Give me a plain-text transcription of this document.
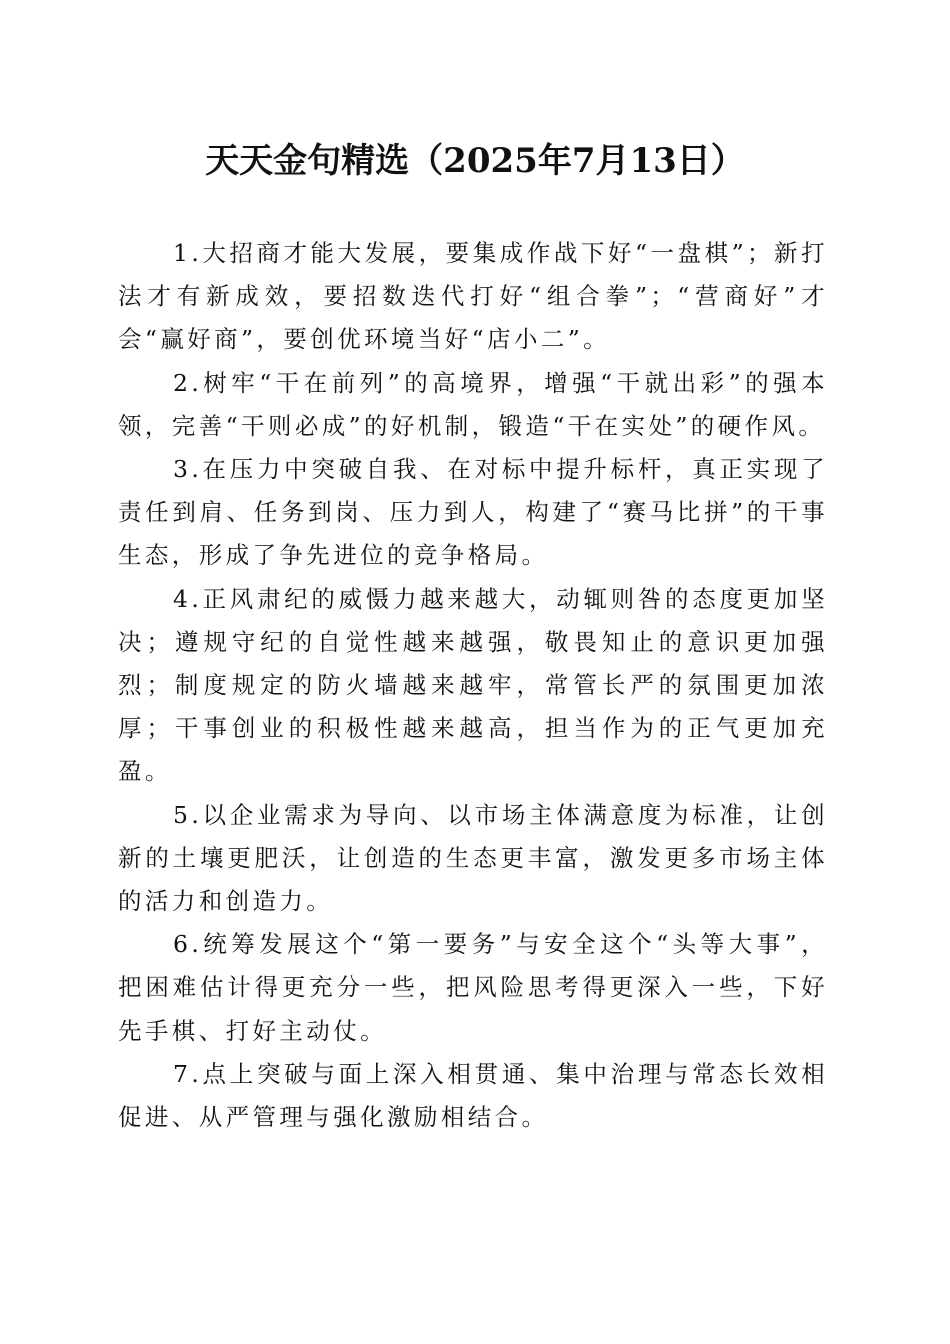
天天金句精选（2025年7月13日）

1.大招商才能大发展，要集成作战下好“一盘棋”；新打法才有新成效，要招数迭代打好“组合拳”；“营商好”才会“赢好商”，要创优环境当好“店小二”。

2.树牢“干在前列”的高境界，增强“干就出彩”的强本领，完善“干则必成”的好机制，锻造“干在实处”的硬作风。

3.在压力中突破自我、在对标中提升标杆，真正实现了责任到肩、任务到岗、压力到人，构建了“赛马比拼”的干事生态，形成了争先进位的竞争格局。

4.正风肃纪的威慑力越来越大，动辄则咎的态度更加坚决；遵规守纪的自觉性越来越强，敬畏知止的意识更加强烈；制度规定的防火墙越来越牢，常管长严的氛围更加浓厚；干事创业的积极性越来越高，担当作为的正气更加充盈。

5.以企业需求为导向、以市场主体满意度为标准，让创新的土壤更肥沃，让创造的生态更丰富，激发更多市场主体的活力和创造力。

6.统筹发展这个“第一要务”与安全这个“头等大事”，把困难估计得更充分一些，把风险思考得更深入一些，下好先手棋、打好主动仗。

7.点上突破与面上深入相贯通、集中治理与常态长效相促进、从严管理与强化激励相结合。
